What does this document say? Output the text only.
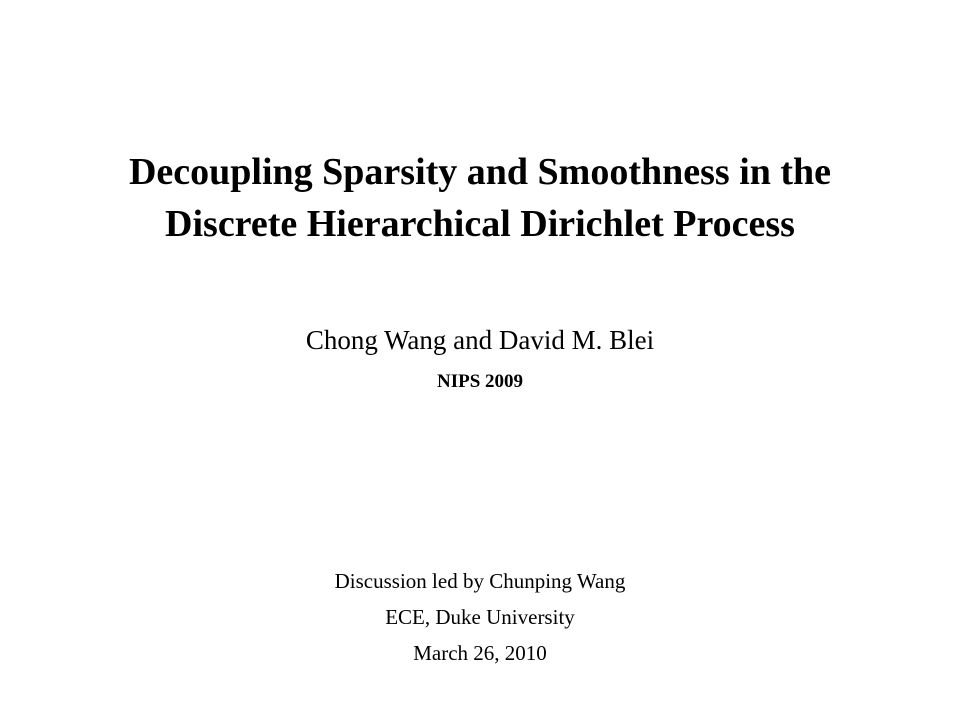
Decoupling Sparsity and Smoothness in the
Discrete Hierarchical Dirichlet Process
Chong Wang and David M. Blei
NIPS 2009
Discussion led by Chunping Wang
ECE, Duke University
March 26, 2010
